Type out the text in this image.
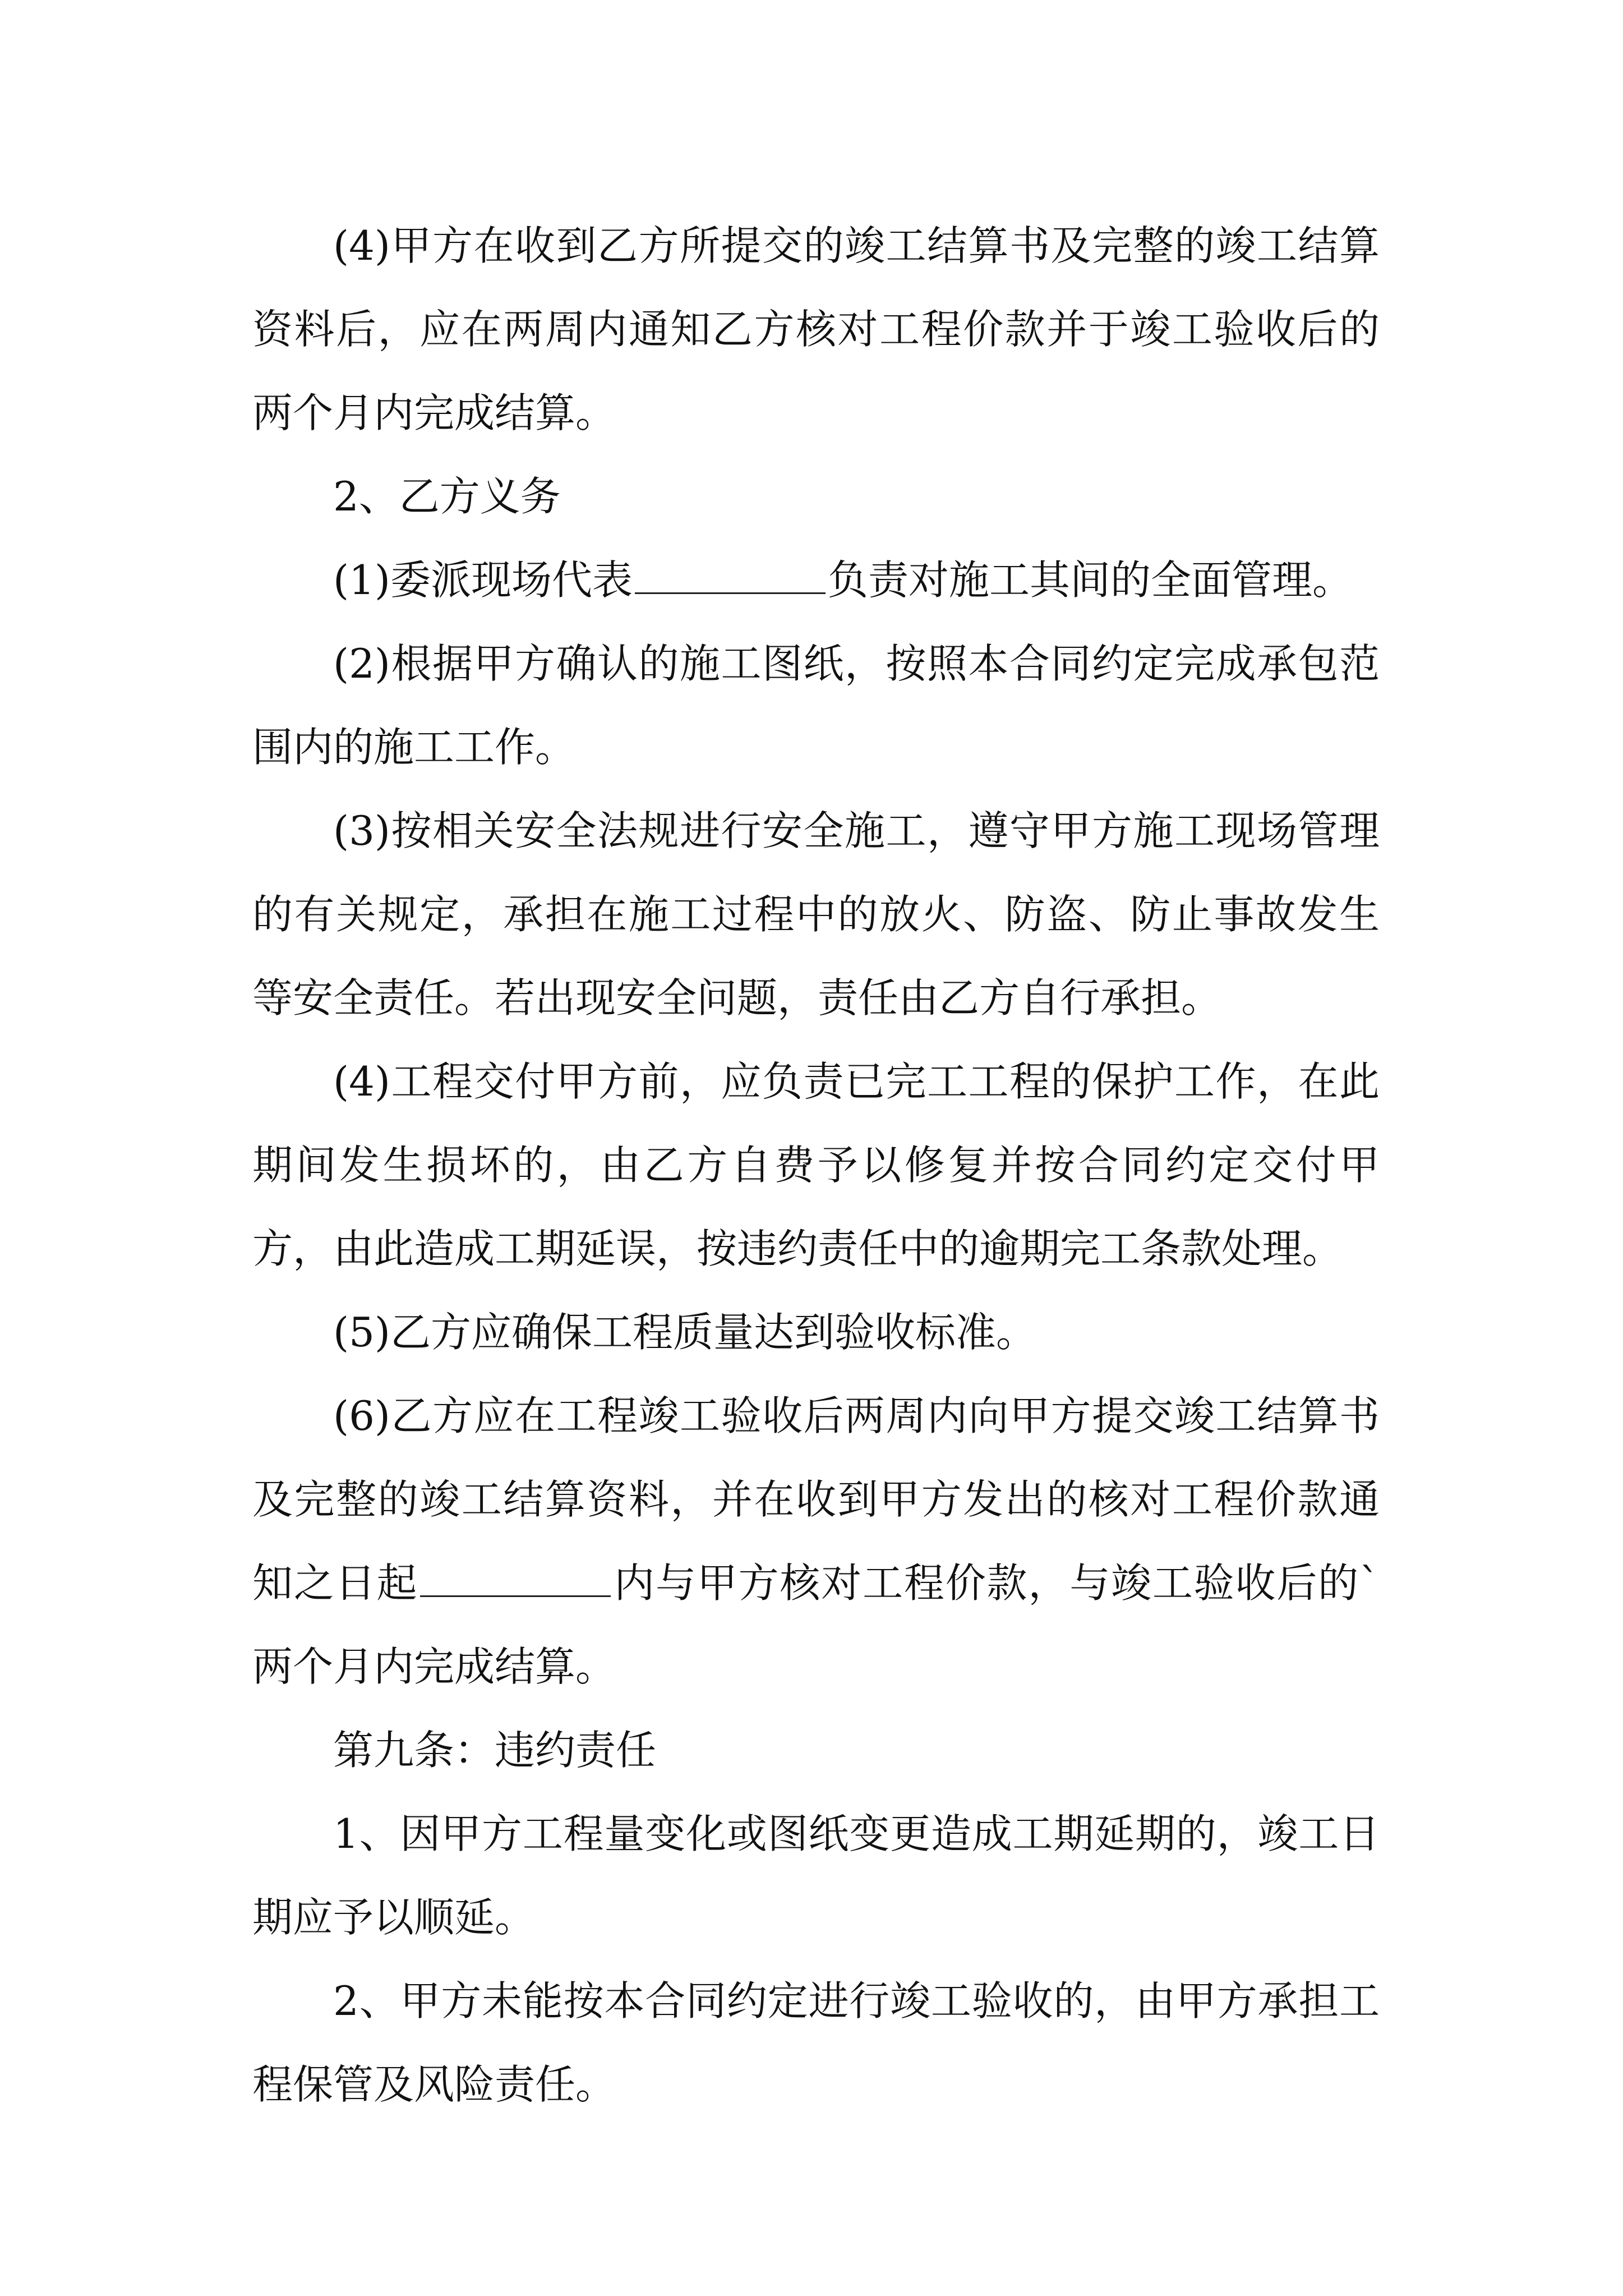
(4)甲方在收到乙方所提交的竣工结算书及完整的竣工结算资料后，应在两周内通知乙方核对工程价款并于竣工验收后的两个月内完成结算。

2、乙方义务

(1)委派现场代表	负责对施工其间的全面管理。

(2)根据甲方确认的施工图纸，按照本合同约定完成承包范围内的施工工作。

(3)按相关安全法规进行安全施工，遵守甲方施工现场管理的有关规定，承担在施工过程中的放火、防盗、防止事故发生等安全责任。若出现安全问题，责任由乙方自行承担。

(4)工程交付甲方前，应负责已完工工程的保护工作，在此期间发生损坏的，由乙方自费予以修复并按合同约定交付甲方，由此造成工期延误，按违约责任中的逾期完工条款处理。

(5)乙方应确保工程质量达到验收标准。

(6)乙方应在工程竣工验收后两周内向甲方提交竣工结算书及完整的竣工结算资料，并在收到甲方发出的核对工程价款通知之日起	内与甲方核对工程价款，与竣工验收后的`两个月内完成结算。

第九条：违约责任

1、因甲方工程量变化或图纸变更造成工期延期的，竣工日期应予以顺延。

2、甲方未能按本合同约定进行竣工验收的，由甲方承担工程保管及风险责任。
